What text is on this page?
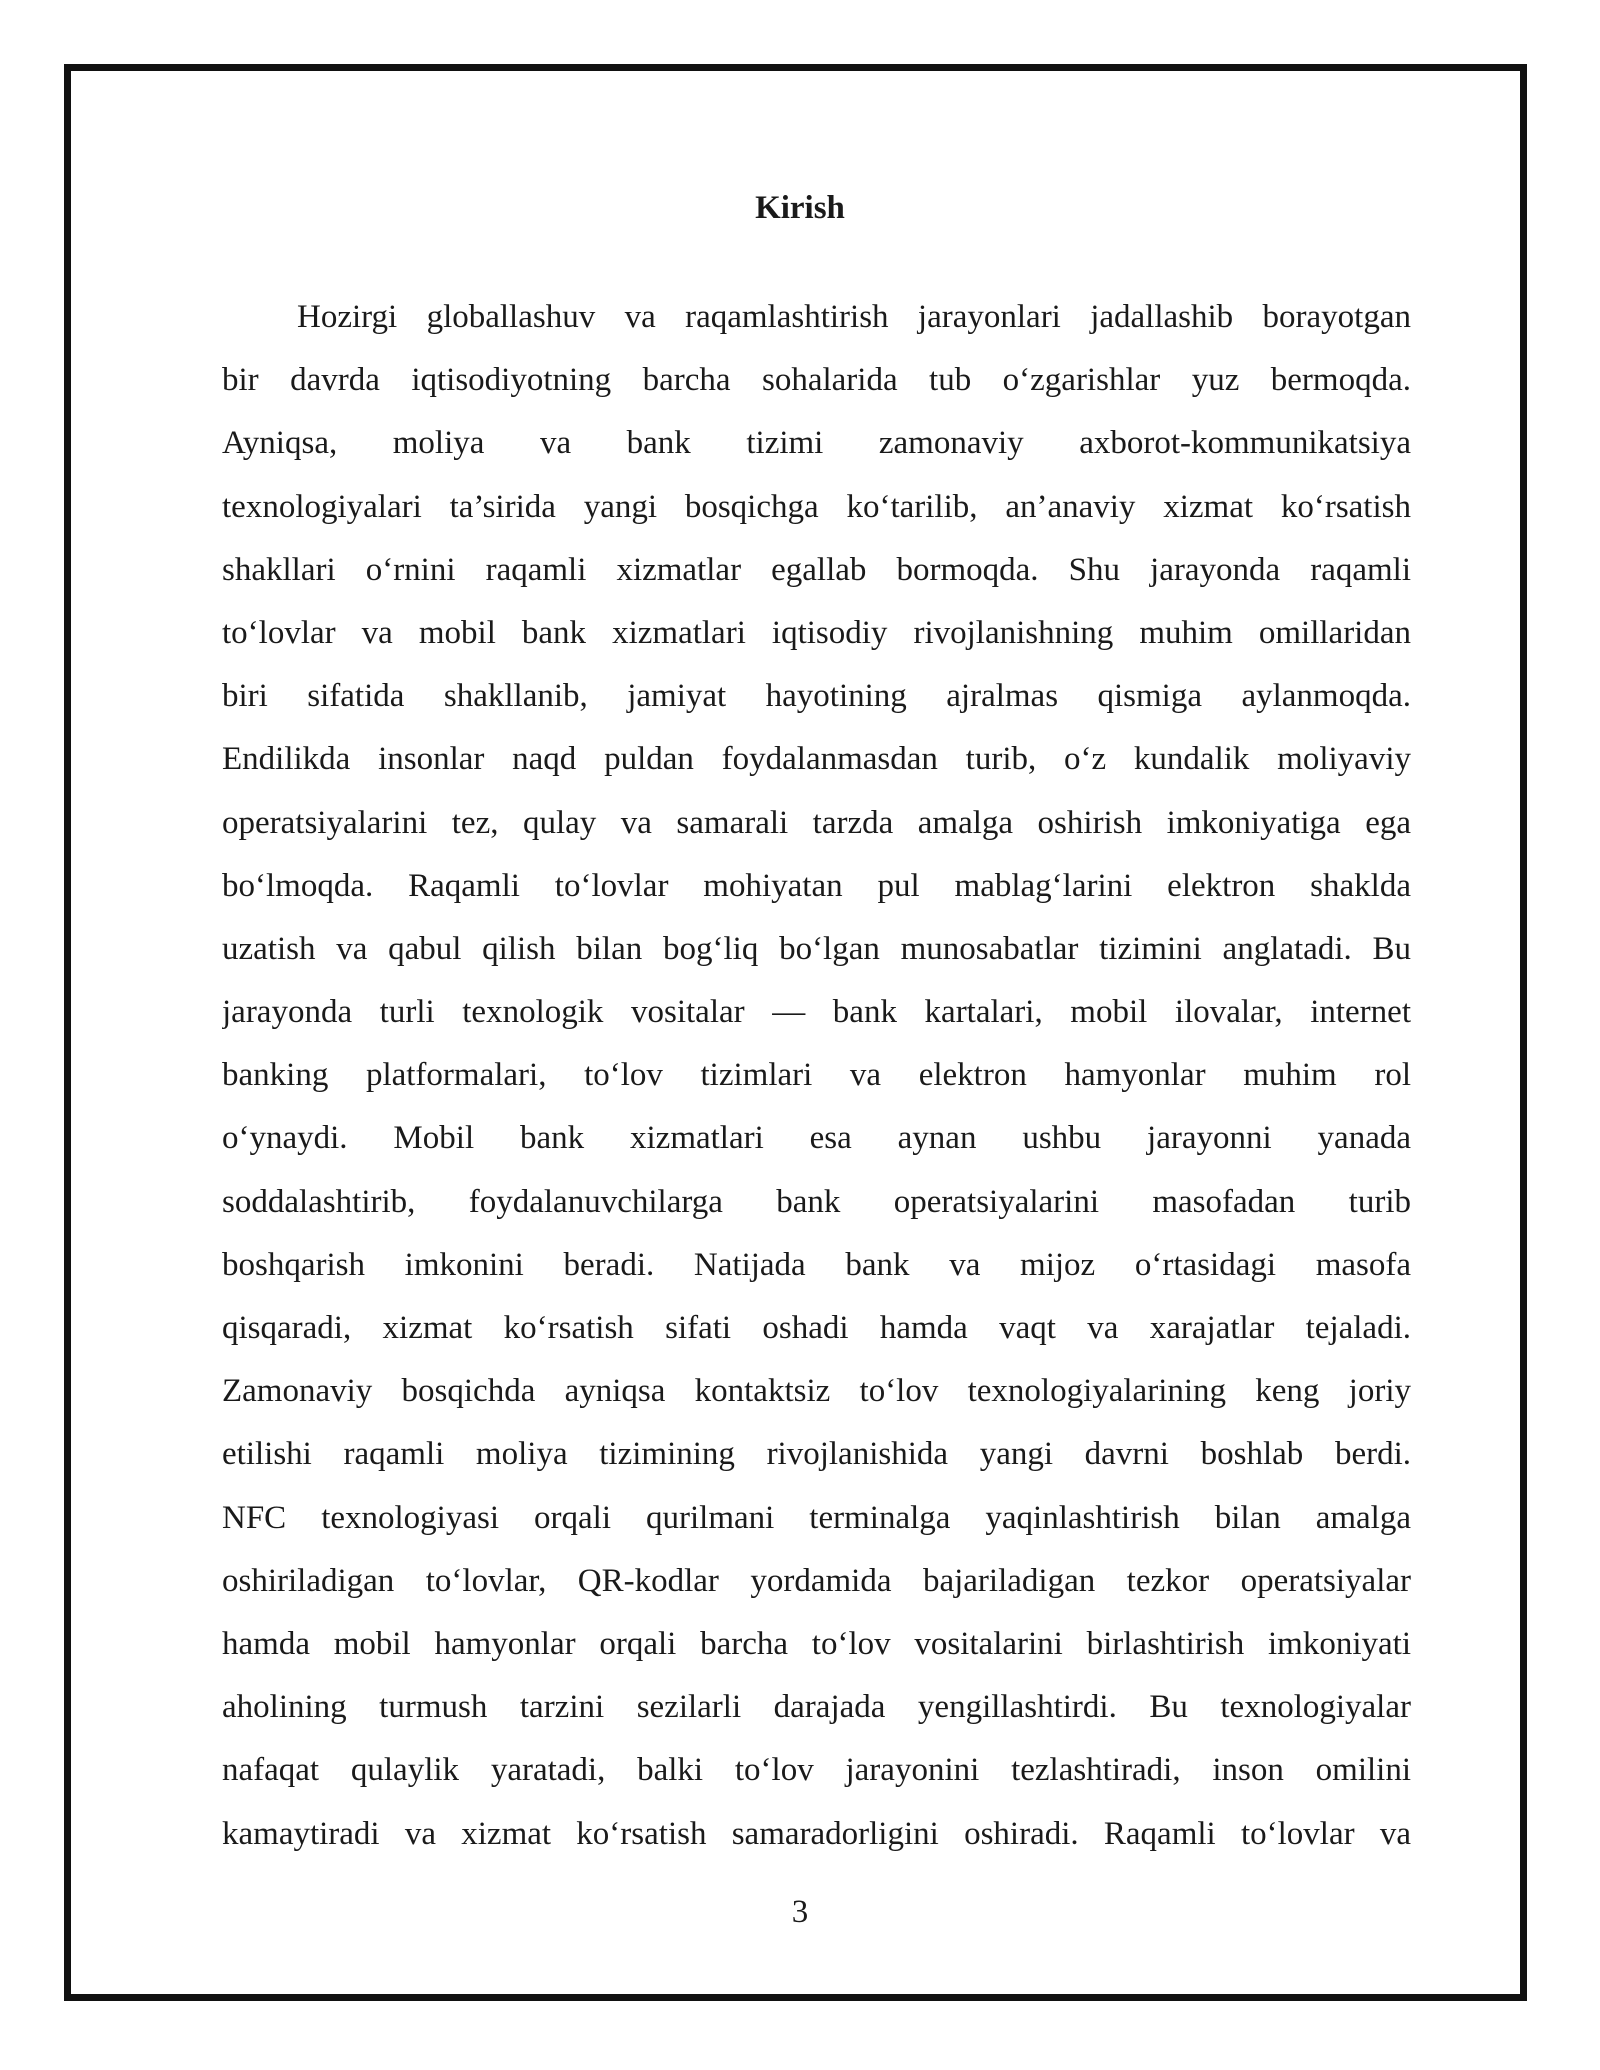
Kirish
Hozirgi globallashuv va raqamlashtirish jarayonlari jadallashib borayotgan
bir davrda iqtisodiyotning barcha sohalarida tub o‘zgarishlar yuz bermoqda.
Ayniqsa, moliya va bank tizimi zamonaviy axborot-kommunikatsiya
texnologiyalari ta’sirida yangi bosqichga ko‘tarilib, an’anaviy xizmat ko‘rsatish
shakllari o‘rnini raqamli xizmatlar egallab bormoqda. Shu jarayonda raqamli
to‘lovlar va mobil bank xizmatlari iqtisodiy rivojlanishning muhim omillaridan
biri sifatida shakllanib, jamiyat hayotining ajralmas qismiga aylanmoqda.
Endilikda insonlar naqd puldan foydalanmasdan turib, o‘z kundalik moliyaviy
operatsiyalarini tez, qulay va samarali tarzda amalga oshirish imkoniyatiga ega
bo‘lmoqda. Raqamli to‘lovlar mohiyatan pul mablag‘larini elektron shaklda
uzatish va qabul qilish bilan bog‘liq bo‘lgan munosabatlar tizimini anglatadi. Bu
jarayonda turli texnologik vositalar — bank kartalari, mobil ilovalar, internet
banking platformalari, to‘lov tizimlari va elektron hamyonlar muhim rol
o‘ynaydi. Mobil bank xizmatlari esa aynan ushbu jarayonni yanada
soddalashtirib, foydalanuvchilarga bank operatsiyalarini masofadan turib
boshqarish imkonini beradi. Natijada bank va mijoz o‘rtasidagi masofa
qisqaradi, xizmat ko‘rsatish sifati oshadi hamda vaqt va xarajatlar tejaladi.
Zamonaviy bosqichda ayniqsa kontaktsiz to‘lov texnologiyalarining keng joriy
etilishi raqamli moliya tizimining rivojlanishida yangi davrni boshlab berdi.
NFC texnologiyasi orqali qurilmani terminalga yaqinlashtirish bilan amalga
oshiriladigan to‘lovlar, QR-kodlar yordamida bajariladigan tezkor operatsiyalar
hamda mobil hamyonlar orqali barcha to‘lov vositalarini birlashtirish imkoniyati
aholining turmush tarzini sezilarli darajada yengillashtirdi. Bu texnologiyalar
nafaqat qulaylik yaratadi, balki to‘lov jarayonini tezlashtiradi, inson omilini
kamaytiradi va xizmat ko‘rsatish samaradorligini oshiradi. Raqamli to‘lovlar va
3
